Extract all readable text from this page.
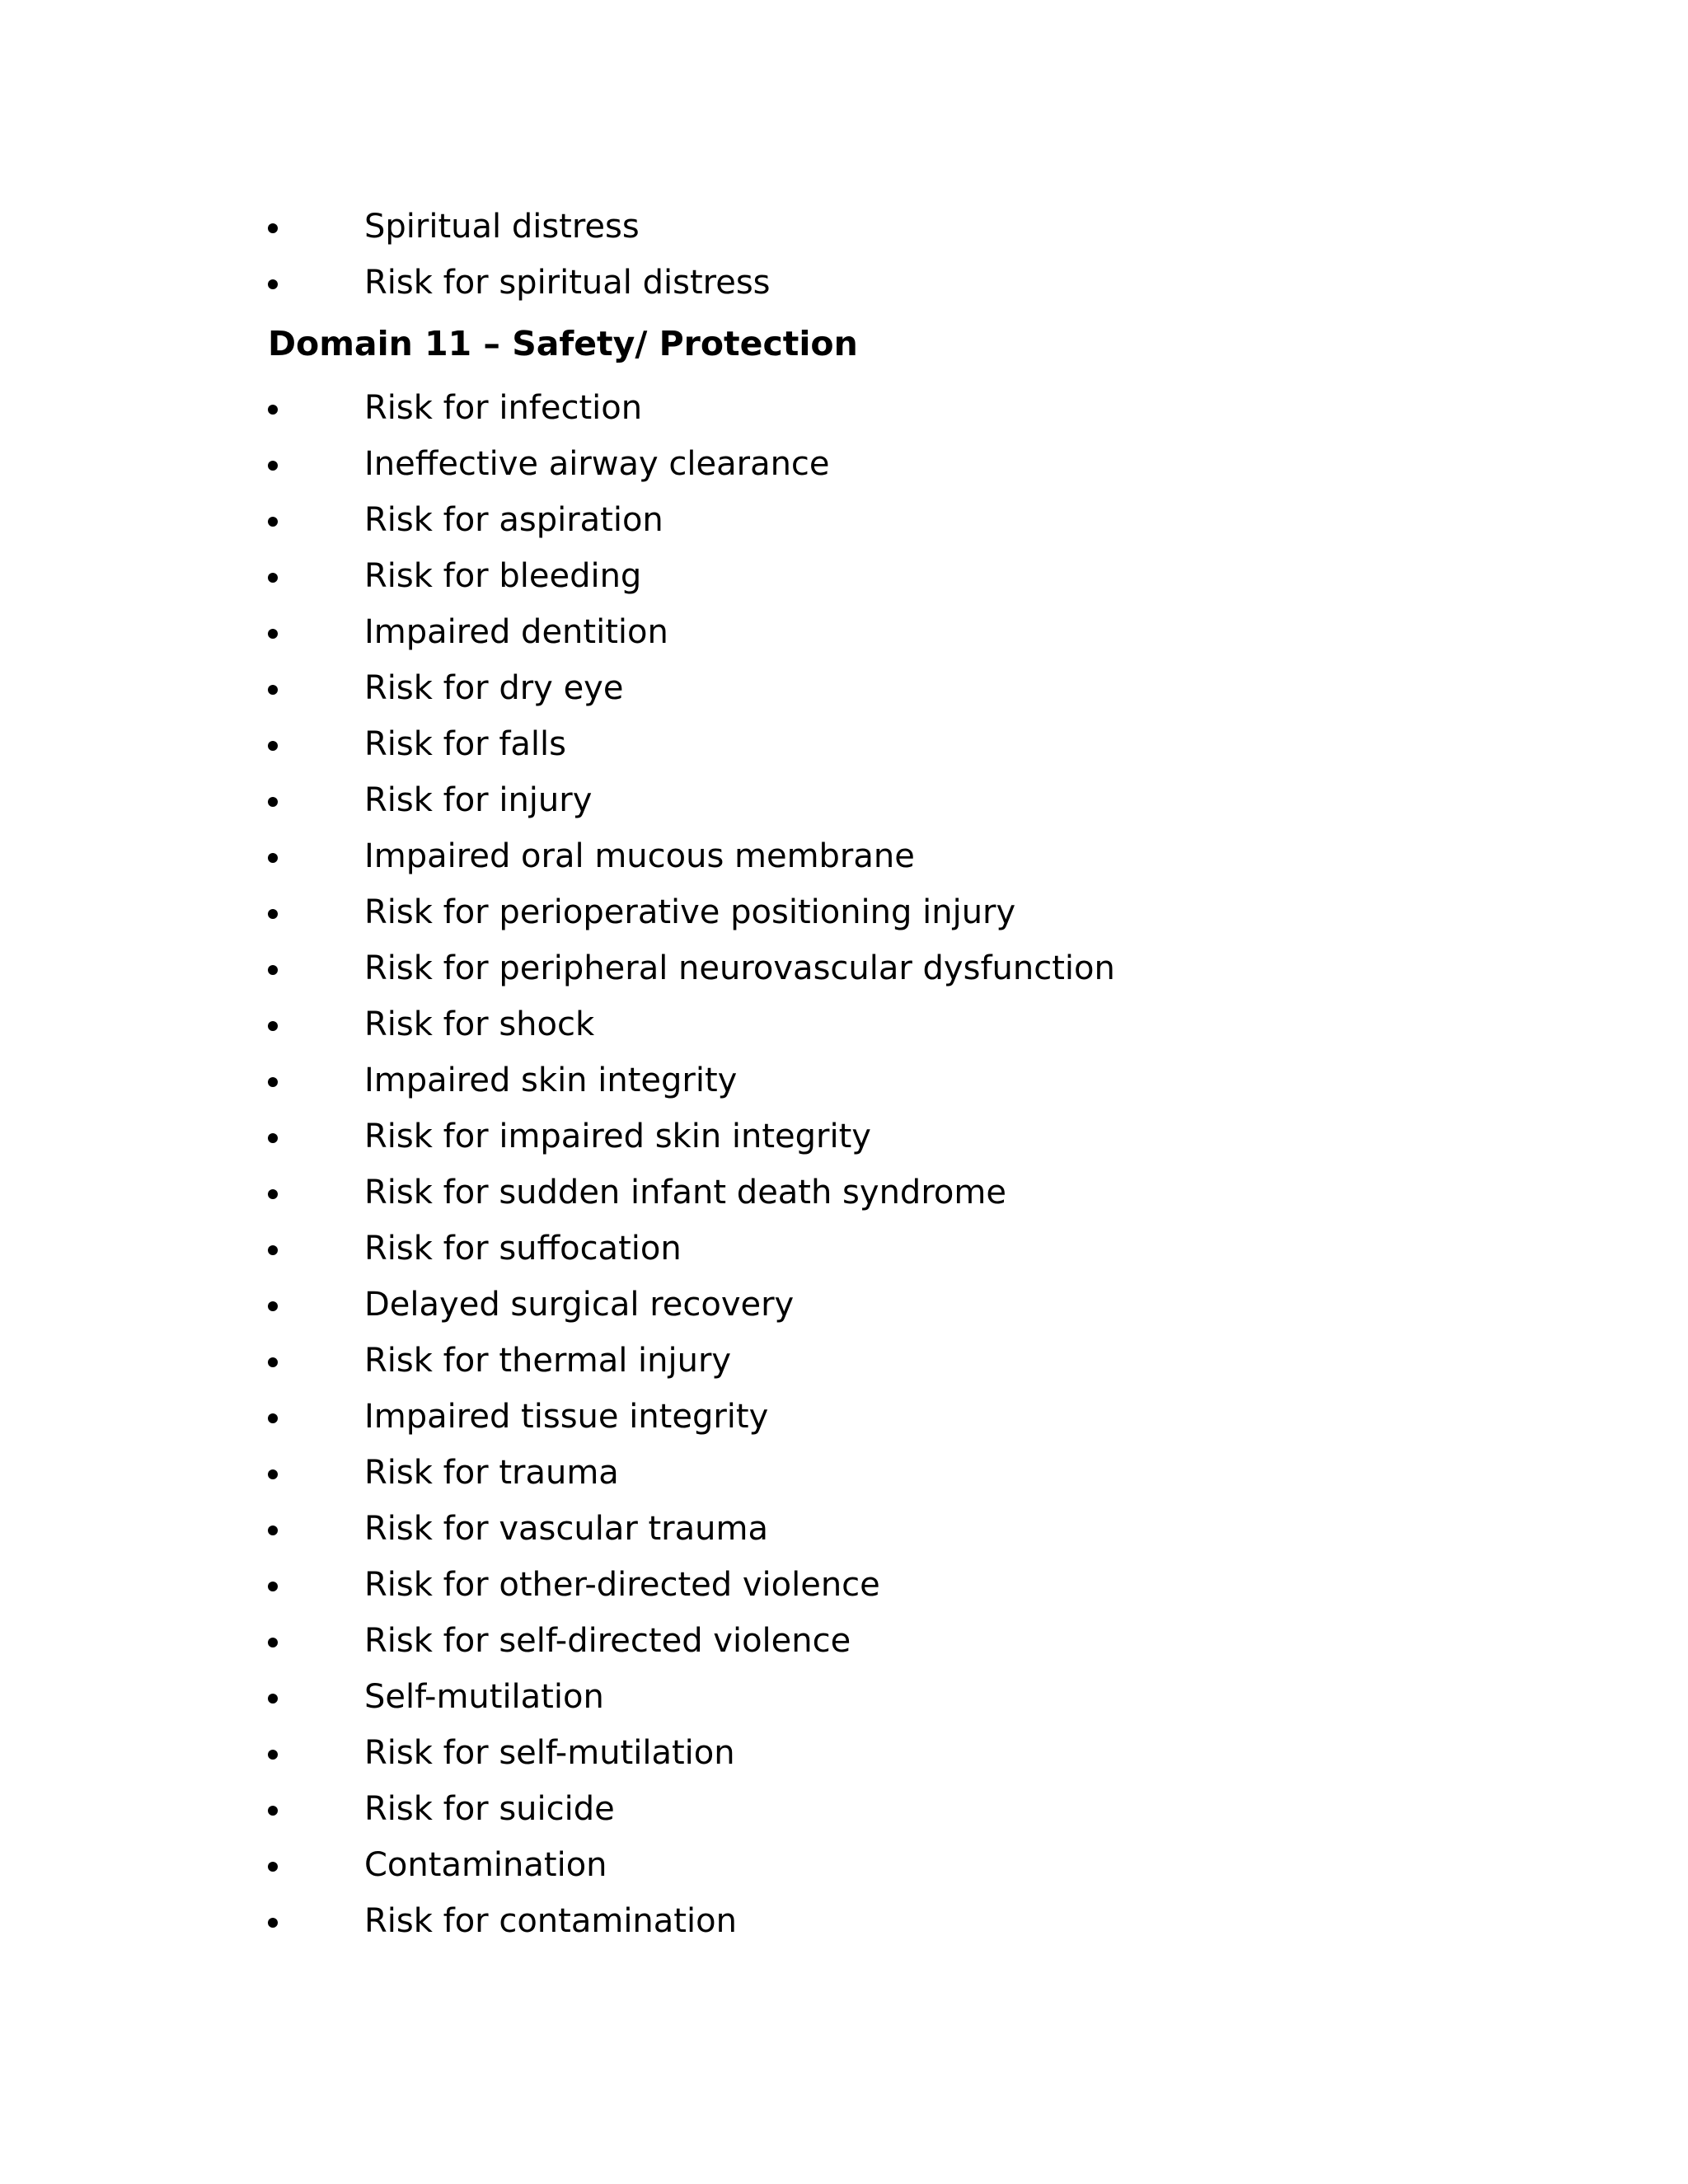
Spiritual distress
Risk for spiritual distress
Domain 11 – Safety/ Protection
Risk for infection
Ineffective airway clearance
Risk for aspiration
Risk for bleeding
Impaired dentition
Risk for dry eye
Risk for falls
Risk for injury
Impaired oral mucous membrane
Risk for perioperative positioning injury
Risk for peripheral neurovascular dysfunction
Risk for shock
Impaired skin integrity
Risk for impaired skin integrity
Risk for sudden infant death syndrome
Risk for suffocation
Delayed surgical recovery
Risk for thermal injury
Impaired tissue integrity
Risk for trauma
Risk for vascular trauma
Risk for other-directed violence
Risk for self-directed violence
Self-mutilation
Risk for self-mutilation
Risk for suicide
Contamination
Risk for contamination
